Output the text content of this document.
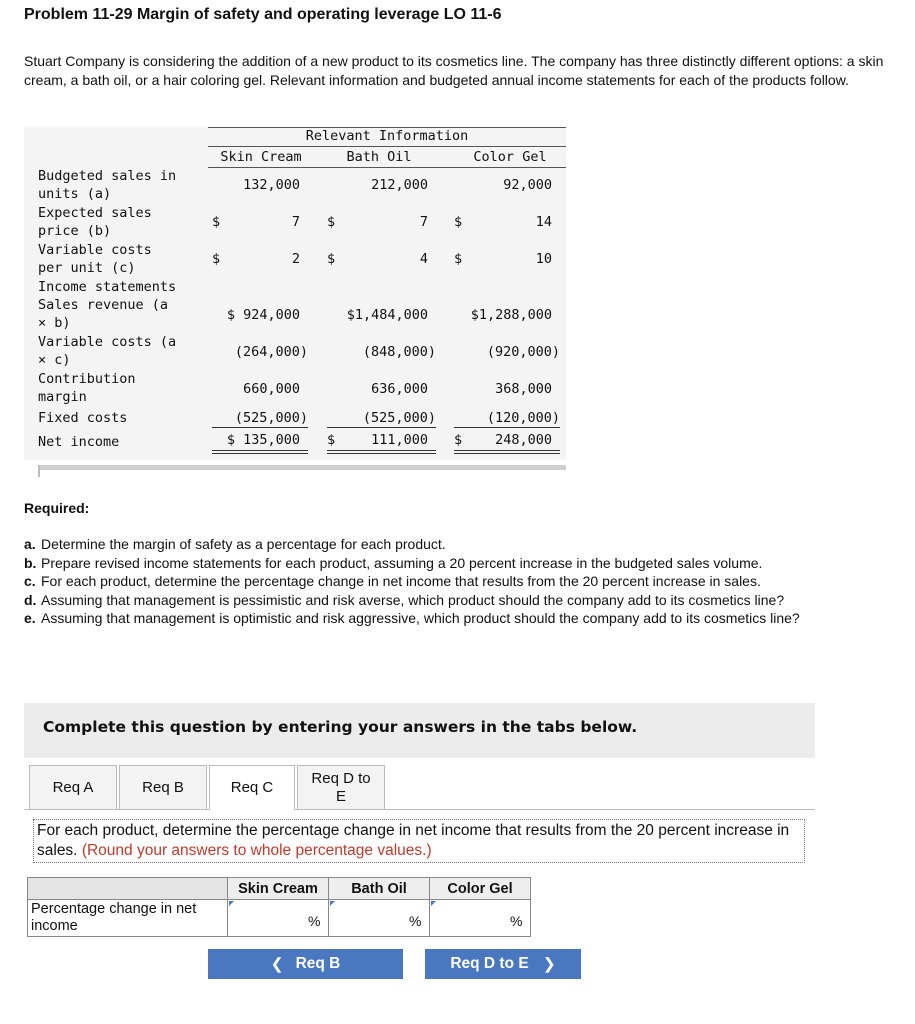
Problem 11-29 Margin of safety and operating leverage LO 11-6
Stuart Company is considering the addition of a new product to its cosmetics line. The company has three distinctly different options: a skin cream, a bath oil, or a hair coloring gel. Relevant information and budgeted annual income statements for each of the products follow.
Relevant Information
Skin Cream	Bath Oil	Color Gel
Budgeted sales in
units (a)
132,000	212,000	92,000
Expected sales
price (b)
$	7 $	7 $	14
Variable costs
per unit (c)
$	2 $	4 $	10
Income statements
Sales revenue (a
× b)	$ 924,000	$1,484,000	$1,288,000
Variable costs (a
× c)	(264,000)	(848,000)	(920,000)
Contribution
margin	660,000	636,000	368,000
Fixed costs	(525,000)	(525,000)	(120,000)
Net income	$ 135,000 $	111,000 $	248,000
Required:
a. Determine the margin of safety as a percentage for each product.
b. Prepare revised income statements for each product, assuming a 20 percent increase in the budgeted sales volume.
c. For each product, determine the percentage change in net income that results from the 20 percent increase in sales.
d. Assuming that management is pessimistic and risk averse, which product should the company add to its cosmetics line?
e. Assuming that management is optimistic and risk aggressive, which product should the company add to its cosmetics line?
Complete this question by entering your answers in the tabs below.
Req A	Req B	Req C
Req D to E
For each product, determine the percentage change in net income that results from the 20 percent increase in sales. (Round your answers to whole percentage values.)
	Skin Cream	Bath Oil	Color Gel
Percentage change in net income	%	%	%
❮ Req B	Req D to E ❯
